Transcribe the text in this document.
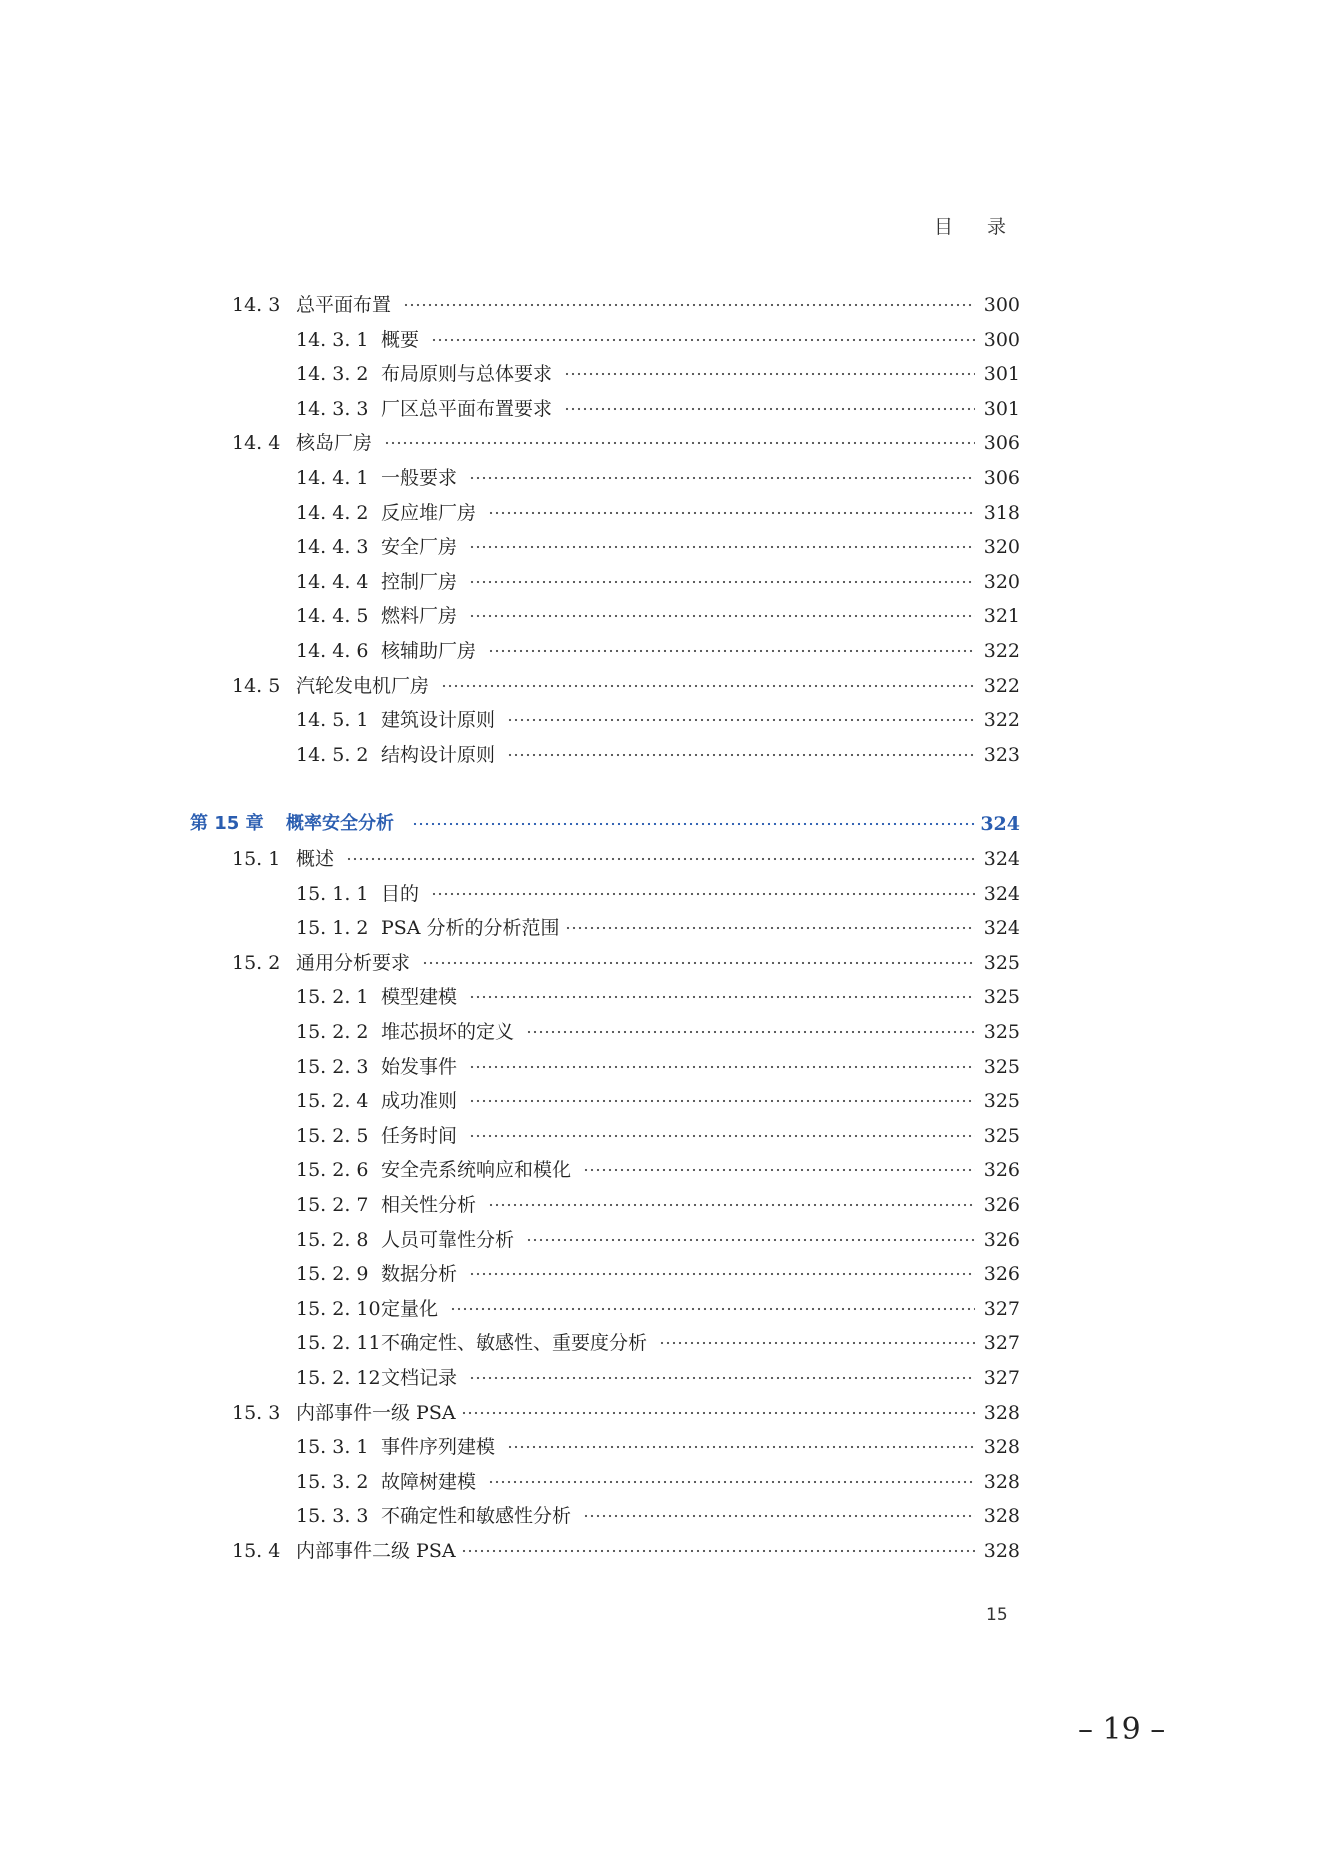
目 录
14. 3 总平面布置	300
14. 3. 1 概要	300
14. 3. 2 布局原则与总体要求	301
14. 3. 3 厂区总平面布置要求	301
14. 4 核岛厂房	306
14. 4. 1 一般要求	306
14. 4. 2 反应堆厂房	318
14. 4. 3 安全厂房	320
14. 4. 4 控制厂房	320
14. 4. 5 燃料厂房	321
14. 4. 6 核辅助厂房	322
14. 5 汽轮发电机厂房	322
14. 5. 1 建筑设计原则	322
14. 5. 2 结构设计原则	323
第 15 章 概率安全分析	324
15. 1 概述	324
15. 1. 1 目的	324
15. 1. 2 PSA 分析的分析范围	324
15. 2 通用分析要求	325
15. 2. 1 模型建模	325
15. 2. 2 堆芯损坏的定义	325
15. 2. 3 始发事件	325
15. 2. 4 成功准则	325
15. 2. 5 任务时间	325
15. 2. 6 安全壳系统响应和模化	326
15. 2. 7 相关性分析	326
15. 2. 8 人员可靠性分析	326
15. 2. 9 数据分析	326
15. 2. 10 定量化	327
15. 2. 11 不确定性、敏感性、重要度分析	327
15. 2. 12 文档记录	327
15. 3 内部事件一级 PSA	328
15. 3. 1 事件序列建模	328
15. 3. 2 故障树建模	328
15. 3. 3 不确定性和敏感性分析	328
15. 4 内部事件二级 PSA	328
15
– 19 –
